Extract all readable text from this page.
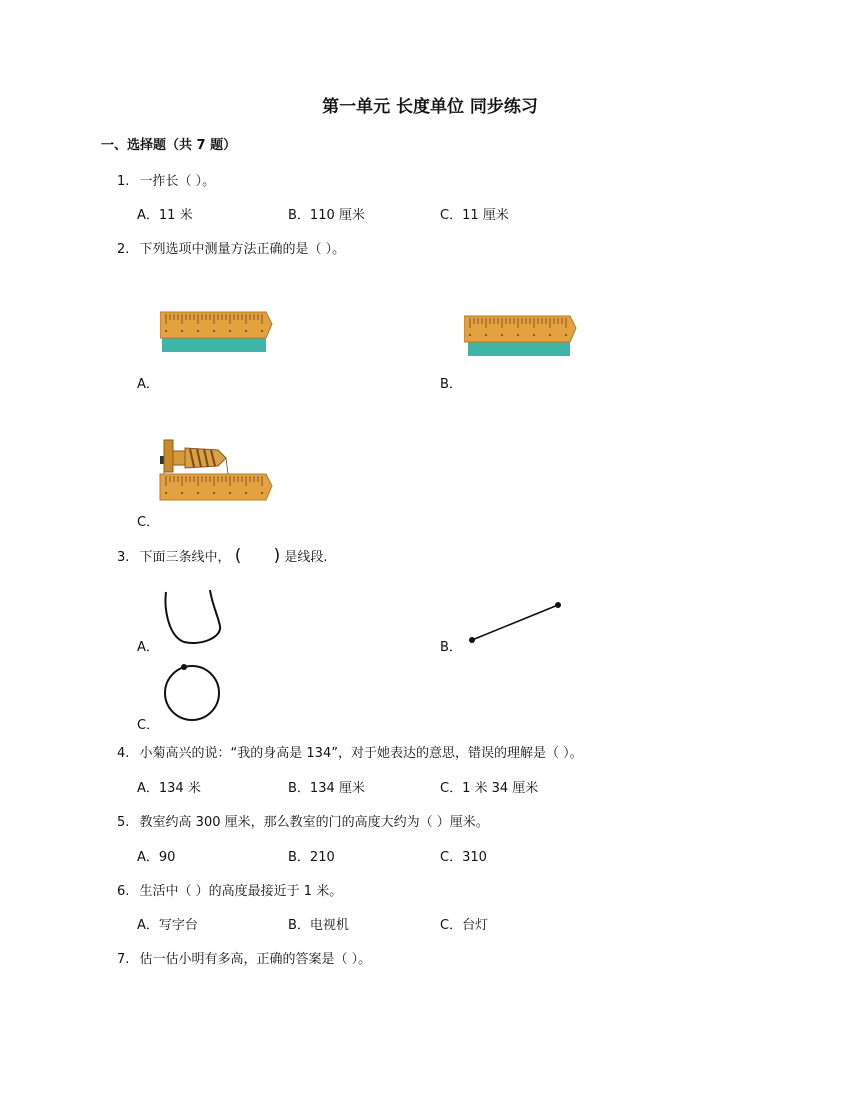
第一单元 长度单位 同步练习
一、选择题（共 7 题）
1. 一拃长（ ）。
A．11 米	B．110 厘米	C．11 厘米
2. 下列选项中测量方法正确的是（ ）。
A．	B．
C．
3. 下面三条线中， ( ) 是线段.
A．	B．
C．
4. 小菊高兴的说：“我的身高是 134”，对于她表达的意思，错误的理解是（ ）。
A．134 米	B．134 厘米	C．1 米 34 厘米
5. 教室约高 300 厘米，那么教室的门的高度大约为（ ）厘米。
A．90	B．210	C．310
6. 生活中（ ）的高度最接近于 1 米。
A．写字台	B．电视机	C．台灯
7. 估一估小明有多高，正确的答案是（ ）。
